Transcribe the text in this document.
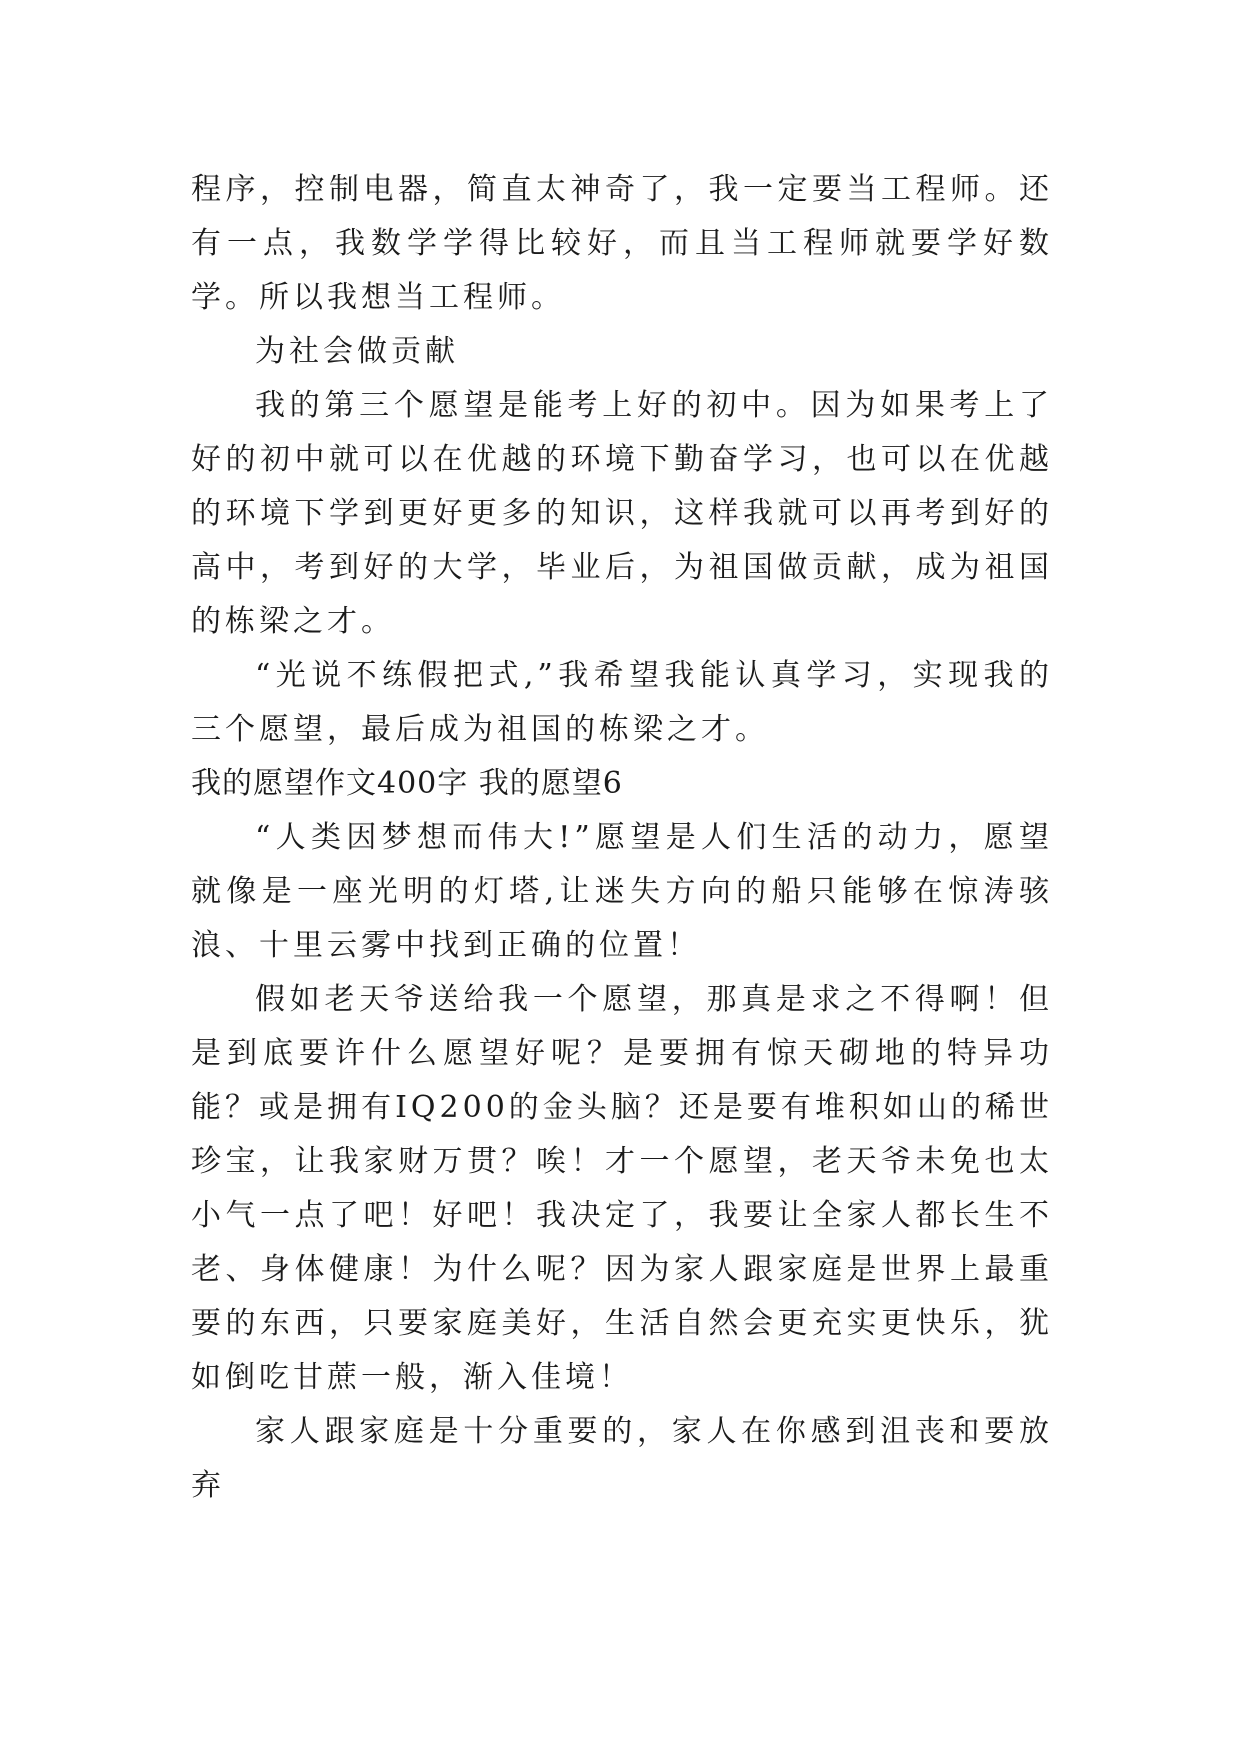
程序，控制电器，简直太神奇了，我一定要当工程师。还有一点，我数学学得比较好，而且当工程师就要学好数学。所以我想当工程师。

为社会做贡献

我的第三个愿望是能考上好的初中。因为如果考上了好的初中就可以在优越的环境下勤奋学习，也可以在优越的环境下学到更好更多的知识，这样我就可以再考到好的高中，考到好的大学，毕业后，为祖国做贡献，成为祖国的栋梁之才。

“光说不练假把式,”我希望我能认真学习，实现我的三个愿望，最后成为祖国的栋梁之才。

我的愿望作文400字 我的愿望6

“人类因梦想而伟大!”愿望是人们生活的动力，愿望就像是一座光明的灯塔,让迷失方向的船只能够在惊涛骇浪、十里云雾中找到正确的位置！

假如老天爷送给我一个愿望，那真是求之不得啊！但是到底要许什么愿望好呢？是要拥有惊天砌地的特异功能？或是拥有IQ200的金头脑？还是要有堆积如山的稀世珍宝，让我家财万贯？唉！才一个愿望，老天爷未免也太小气一点了吧！好吧！我决定了，我要让全家人都长生不老、身体健康！为什么呢？因为家人跟家庭是世界上最重要的东西，只要家庭美好，生活自然会更充实更快乐，犹如倒吃甘蔗一般，渐入佳境！

家人跟家庭是十分重要的，家人在你感到沮丧和要放弃
